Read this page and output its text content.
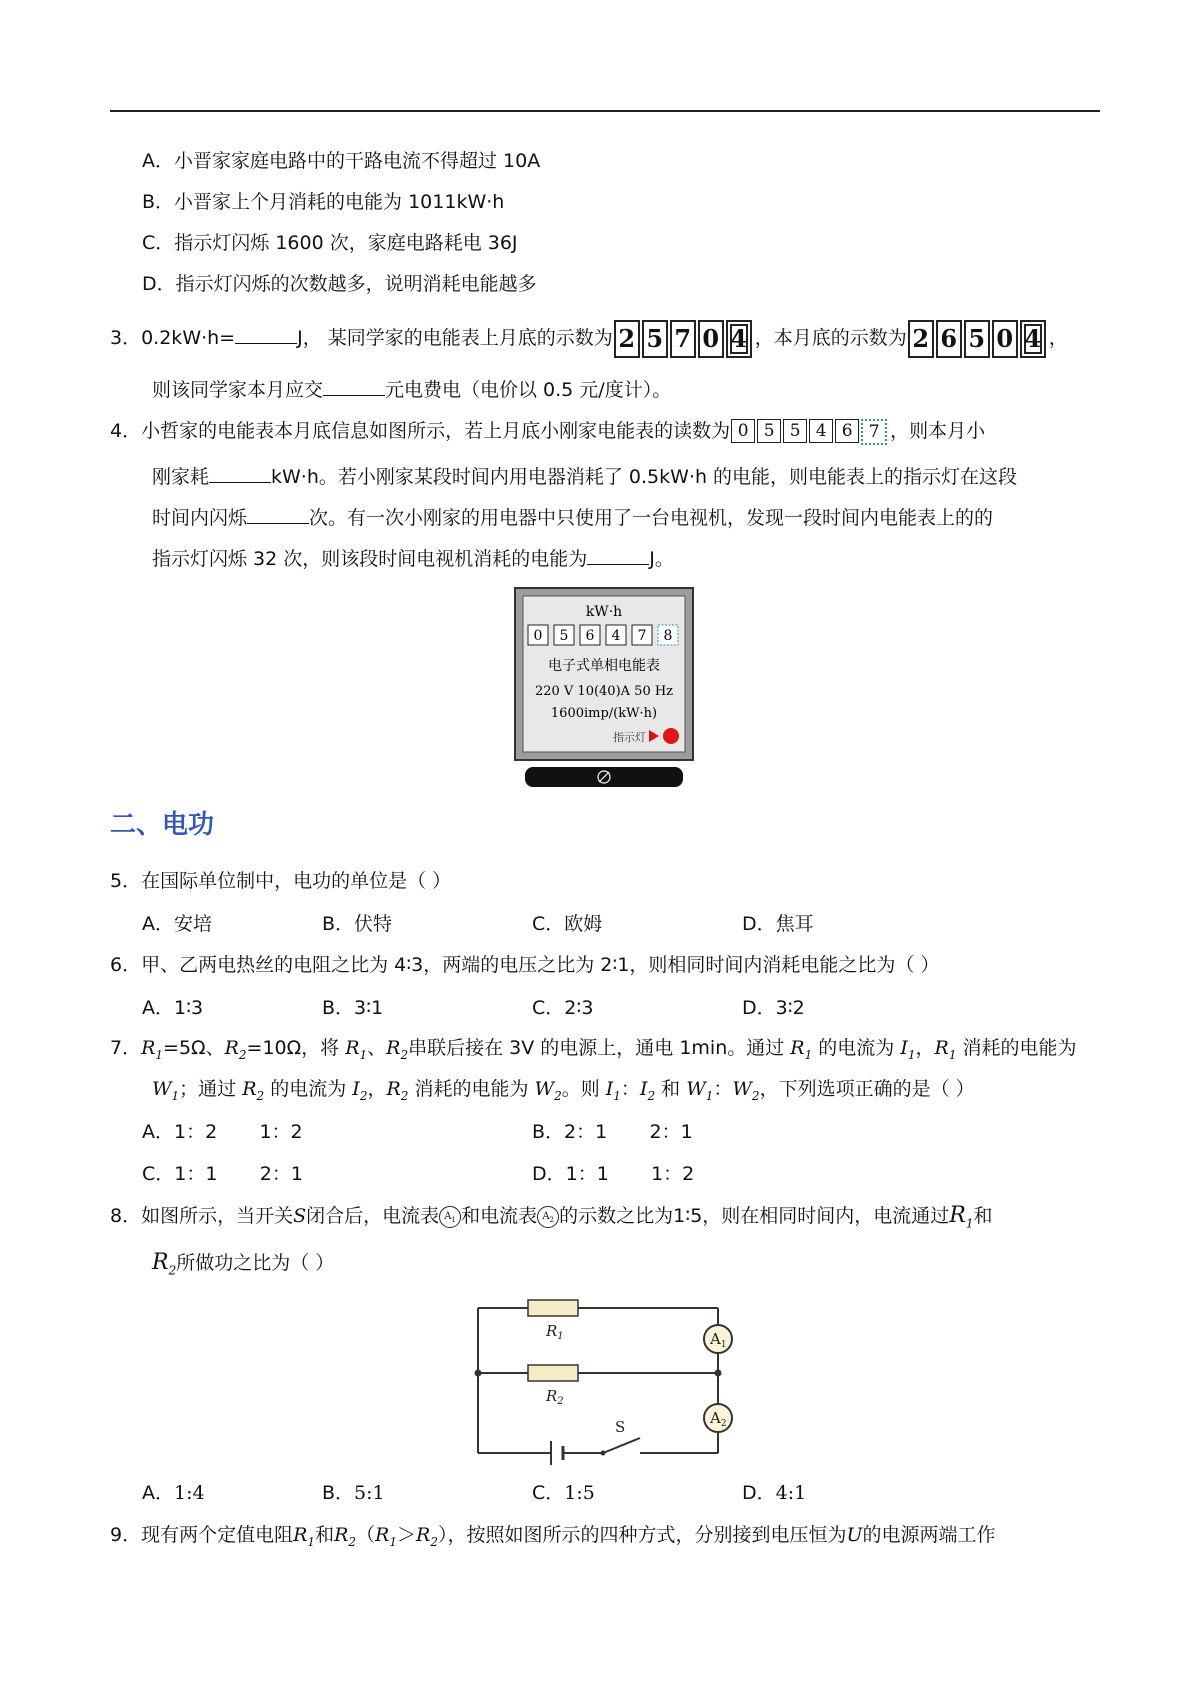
A．小晋家家庭电路中的干路电流不得超过 10A
B．小晋家上个月消耗的电能为 1011kW·h
C．指示灯闪烁 1600 次，家庭电路耗电 36J
D．指示灯闪烁的次数越多，说明消耗电能越多
3．0.2kW·h=	J， 某同学家的电能表上月底的示数为 2 5 7 0 4 ，本月底的示数为 2 6 5 0 4 ，
则该同学家本月应交	元电费电（电价以 0.5 元/度计）。
4．小哲家的电能表本月底信息如图所示，若上月底小刚家电能表的读数为 0 5 5 4 6 7 ，则本月小
刚家耗	kW·h。若小刚家某段时间内用电器消耗了 0.5kW·h 的电能，则电能表上的指示灯在这段
时间内闪烁	次。有一次小刚家的用电器中只使用了一台电视机，发现一段时间内电能表上的的
指示灯闪烁 32 次，则该段时间电视机消耗的电能为	J。
kW·h
0 5 6 4 7 8
电子式单相电能表
220 V 10(40)A 50 Hz
1600imp/(kW·h)
指示灯
二、电功
5．在国际单位制中，电功的单位是（ ）
A．安培	B．伏特	C．欧姆	D．焦耳
6．甲、乙两电热丝的电阻之比为 4∶3，两端的电压之比为 2∶1，则相同时间内消耗电能之比为（ ）
A．1∶3	B．3∶1	C．2∶3	D．3∶2
7．$R_1=5\Omega$、$R_2=10\Omega$，将 $R_1$、$R_2$串联后接在 3V 的电源上，通电 1min。通过 $R_1$ 的电流为 $I_1$，$R_1$ 消耗的电能为
$W_1$；通过 $R_2$ 的电流为 $I_2$，$R_2$ 消耗的电能为 $W_2$。则 $I_1$：$I_2$ 和 $W_1$：$W_2$，下列选项正确的是（ ）
A．1：2       1：2	B．2：1       2：1
C．1：1       2：1	D．1：1       1：2
8．如图所示，当开关S闭合后，电流表 $A_1$ 和电流表 $A_2$ 的示数之比为1∶5，则在相同时间内，电流通过$R_1$和
$R_2$所做功之比为（ ）
$R_1$
$R_2$
$A_1$
$A_2$
S
A．1:4	B．5:1	C．1:5	D．4:1
9．现有两个定值电阻$R_1$和$R_2(R_1>R_2)$，按照如图所示的四种方式，分别接到电压恒为U的电源两端工作
